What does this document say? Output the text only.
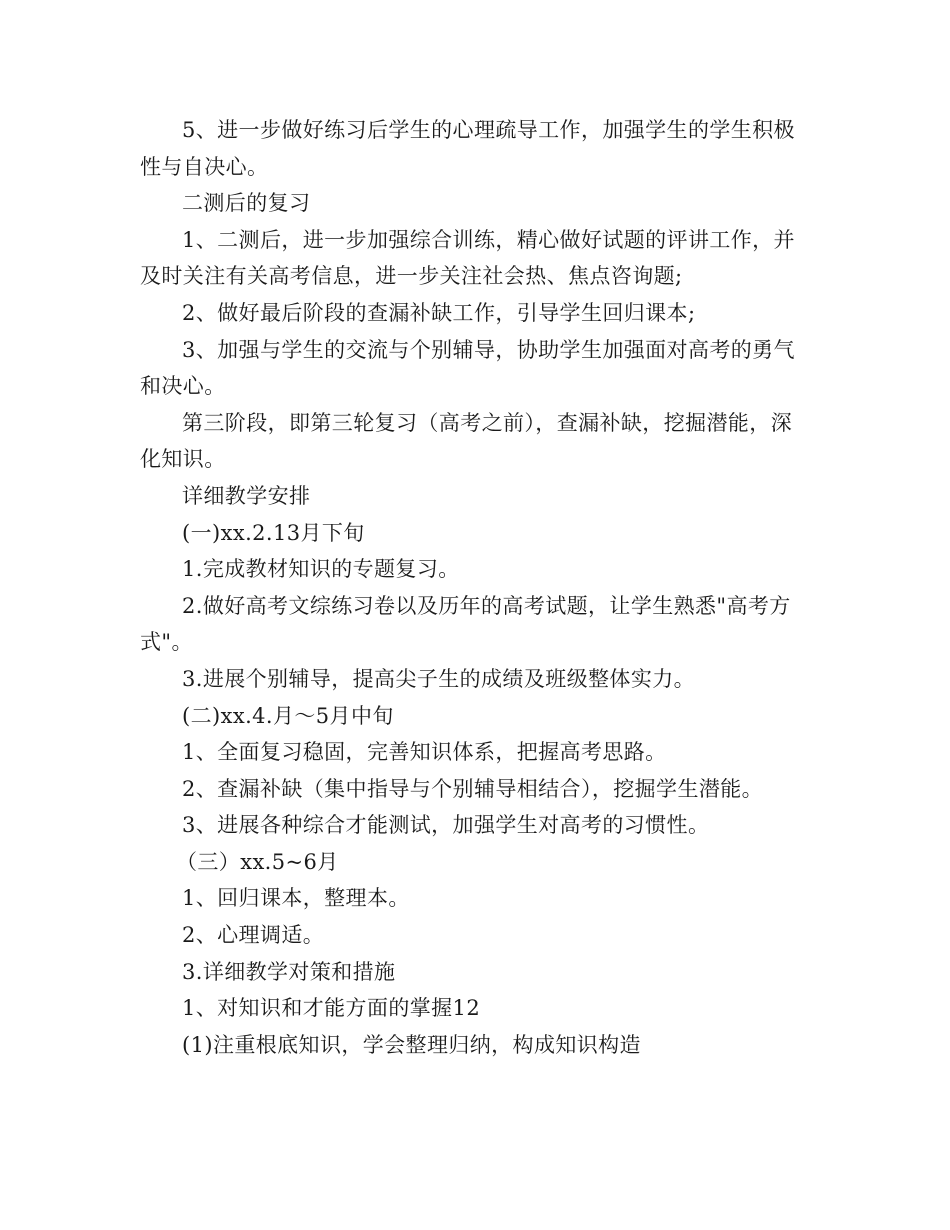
5、进一步做好练习后学生的心理疏导工作，加强学生的学生积极性与自决心。

二测后的复习

1、二测后，进一步加强综合训练，精心做好试题的评讲工作，并及时关注有关高考信息，进一步关注社会热、焦点咨询题;

2、做好最后阶段的查漏补缺工作，引导学生回归课本;

3、加强与学生的交流与个别辅导，协助学生加强面对高考的勇气和决心。

第三阶段，即第三轮复习（高考之前），查漏补缺，挖掘潜能，深化知识。

详细教学安排

(一)xx.2.13月下旬

1.完成教材知识的专题复习。

2.做好高考文综练习卷以及历年的高考试题，让学生熟悉"高考方式"。

3.进展个别辅导，提高尖子生的成绩及班级整体实力。

(二)xx.4.月～5月中旬

1、全面复习稳固，完善知识体系，把握高考思路。

2、查漏补缺（集中指导与个别辅导相结合），挖掘学生潜能。

3、进展各种综合才能测试，加强学生对高考的习惯性。

（三）xx.5~6月

1、回归课本，整理本。

2、心理调适。

3.详细教学对策和措施

1、对知识和才能方面的掌握12

(1)注重根底知识，学会整理归纳，构成知识构造
